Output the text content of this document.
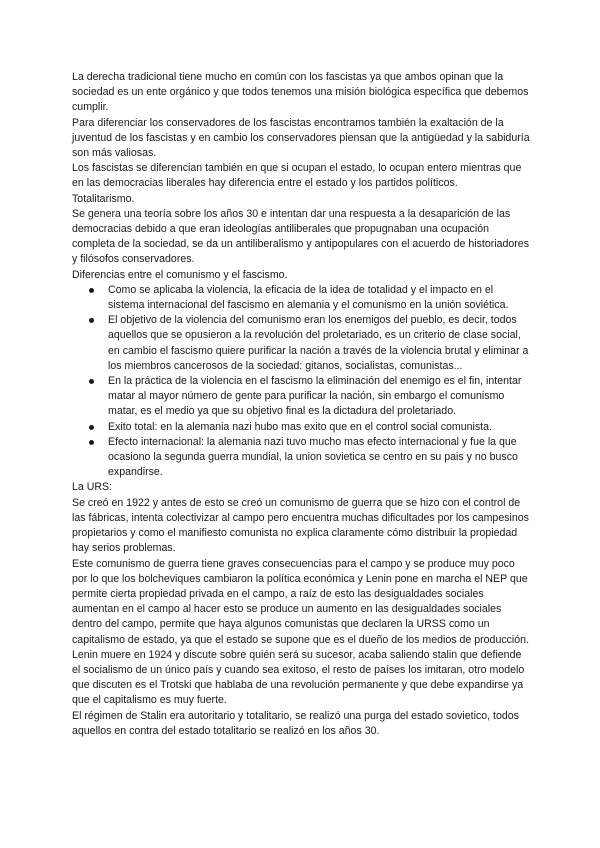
La derecha tradicional tiene mucho en común con los fascistas ya que ambos opinan que la sociedad es un ente orgánico y que todos tenemos una misión biológica específica que debemos cumplir.

Para diferenciar los conservadores de los fascistas encontramos también la exaltación de la juventud de los fascistas y en cambio los conservadores piensan que la antigüedad y la sabiduría son más valiosas.

Los fascistas se diferencian también en que si ocupan el estado, lo ocupan entero mientras que en las democracias liberales hay diferencia entre el estado y los partidos políticos.

Totalitarismo.

Se genera una teoría sobre los años 30 e intentan dar una respuesta a la desaparición de las democracias debido a que eran ideologías antiliberales que propugnaban una ocupación completa de la sociedad, se da un antiliberalismo y antipopulares con el acuerdo de historiadores y filósofos conservadores.

Diferencias entre el comunismo y el fascismo.

Como se aplicaba la violencia, la eficacia de la idea de totalidad y el impacto en el sistema internacional del fascismo en alemania y el comunismo en la unión soviética.
El objetivo de la violencia del comunismo eran los enemigos del pueblo, es decir, todos aquellos que se opusieron a la revolución del proletariado, es un criterio de clase social, en cambio el fascismo quiere purificar la nación a través de la violencia brutal y eliminar a los miembros cancerosos de la sociedad: gitanos, socialistas, comunistas...
En la práctica de la violencia en el fascismo la eliminación del enemigo es el fin, intentar matar al mayor número de gente para purificar la nación, sin embargo el comunismo matar, es el medio ya que su objetivo final es la dictadura del proletariado.
Exito total: en la alemania nazi hubo mas exito que en el control social comunista.
Efecto internacional: la alemania nazi tuvo mucho mas efecto internacional y fue la que ocasiono la segunda guerra mundial, la union sovietica se centro en su pais y no busco expandirse.

La URS:

Se creó en 1922 y antes de esto se creó un comunismo de guerra que se hizo con el control de las fábricas, intenta colectivizar al campo pero encuentra muchas dificultades por los campesinos propietarios y como el manifiesto comunista no explica claramente cómo distribuir la propiedad hay serios problemas.

Este comunismo de guerra tiene graves consecuencias para el campo y se produce muy poco por lo que los bolcheviques cambiaron la política económica y Lenin pone en marcha el NEP que permite cierta propiedad privada en el campo, a raíz de esto las desigualdades sociales aumentan en el campo al hacer esto se produce un aumento en las desigualdades sociales dentro del campo, permite que haya algunos comunistas que declaren la URSS como un capitalismo de estado, ya que el estado se supone que es el dueño de los medios de producción.

Lenin muere en 1924 y discute sobre quién será su sucesor, acaba saliendo stalin que defiende el socialismo de un único país y cuando sea exitoso, el resto de países los imitaran, otro modelo que discuten es el Trotski que hablaba de una revolución permanente y que debe expandirse ya que el capitalismo es muy fuerte.

El régimen de Stalin era autoritario y totalitario, se realizó una purga del estado sovietico, todos aquellos en contra del estado totalitario se realizó en los años 30.
